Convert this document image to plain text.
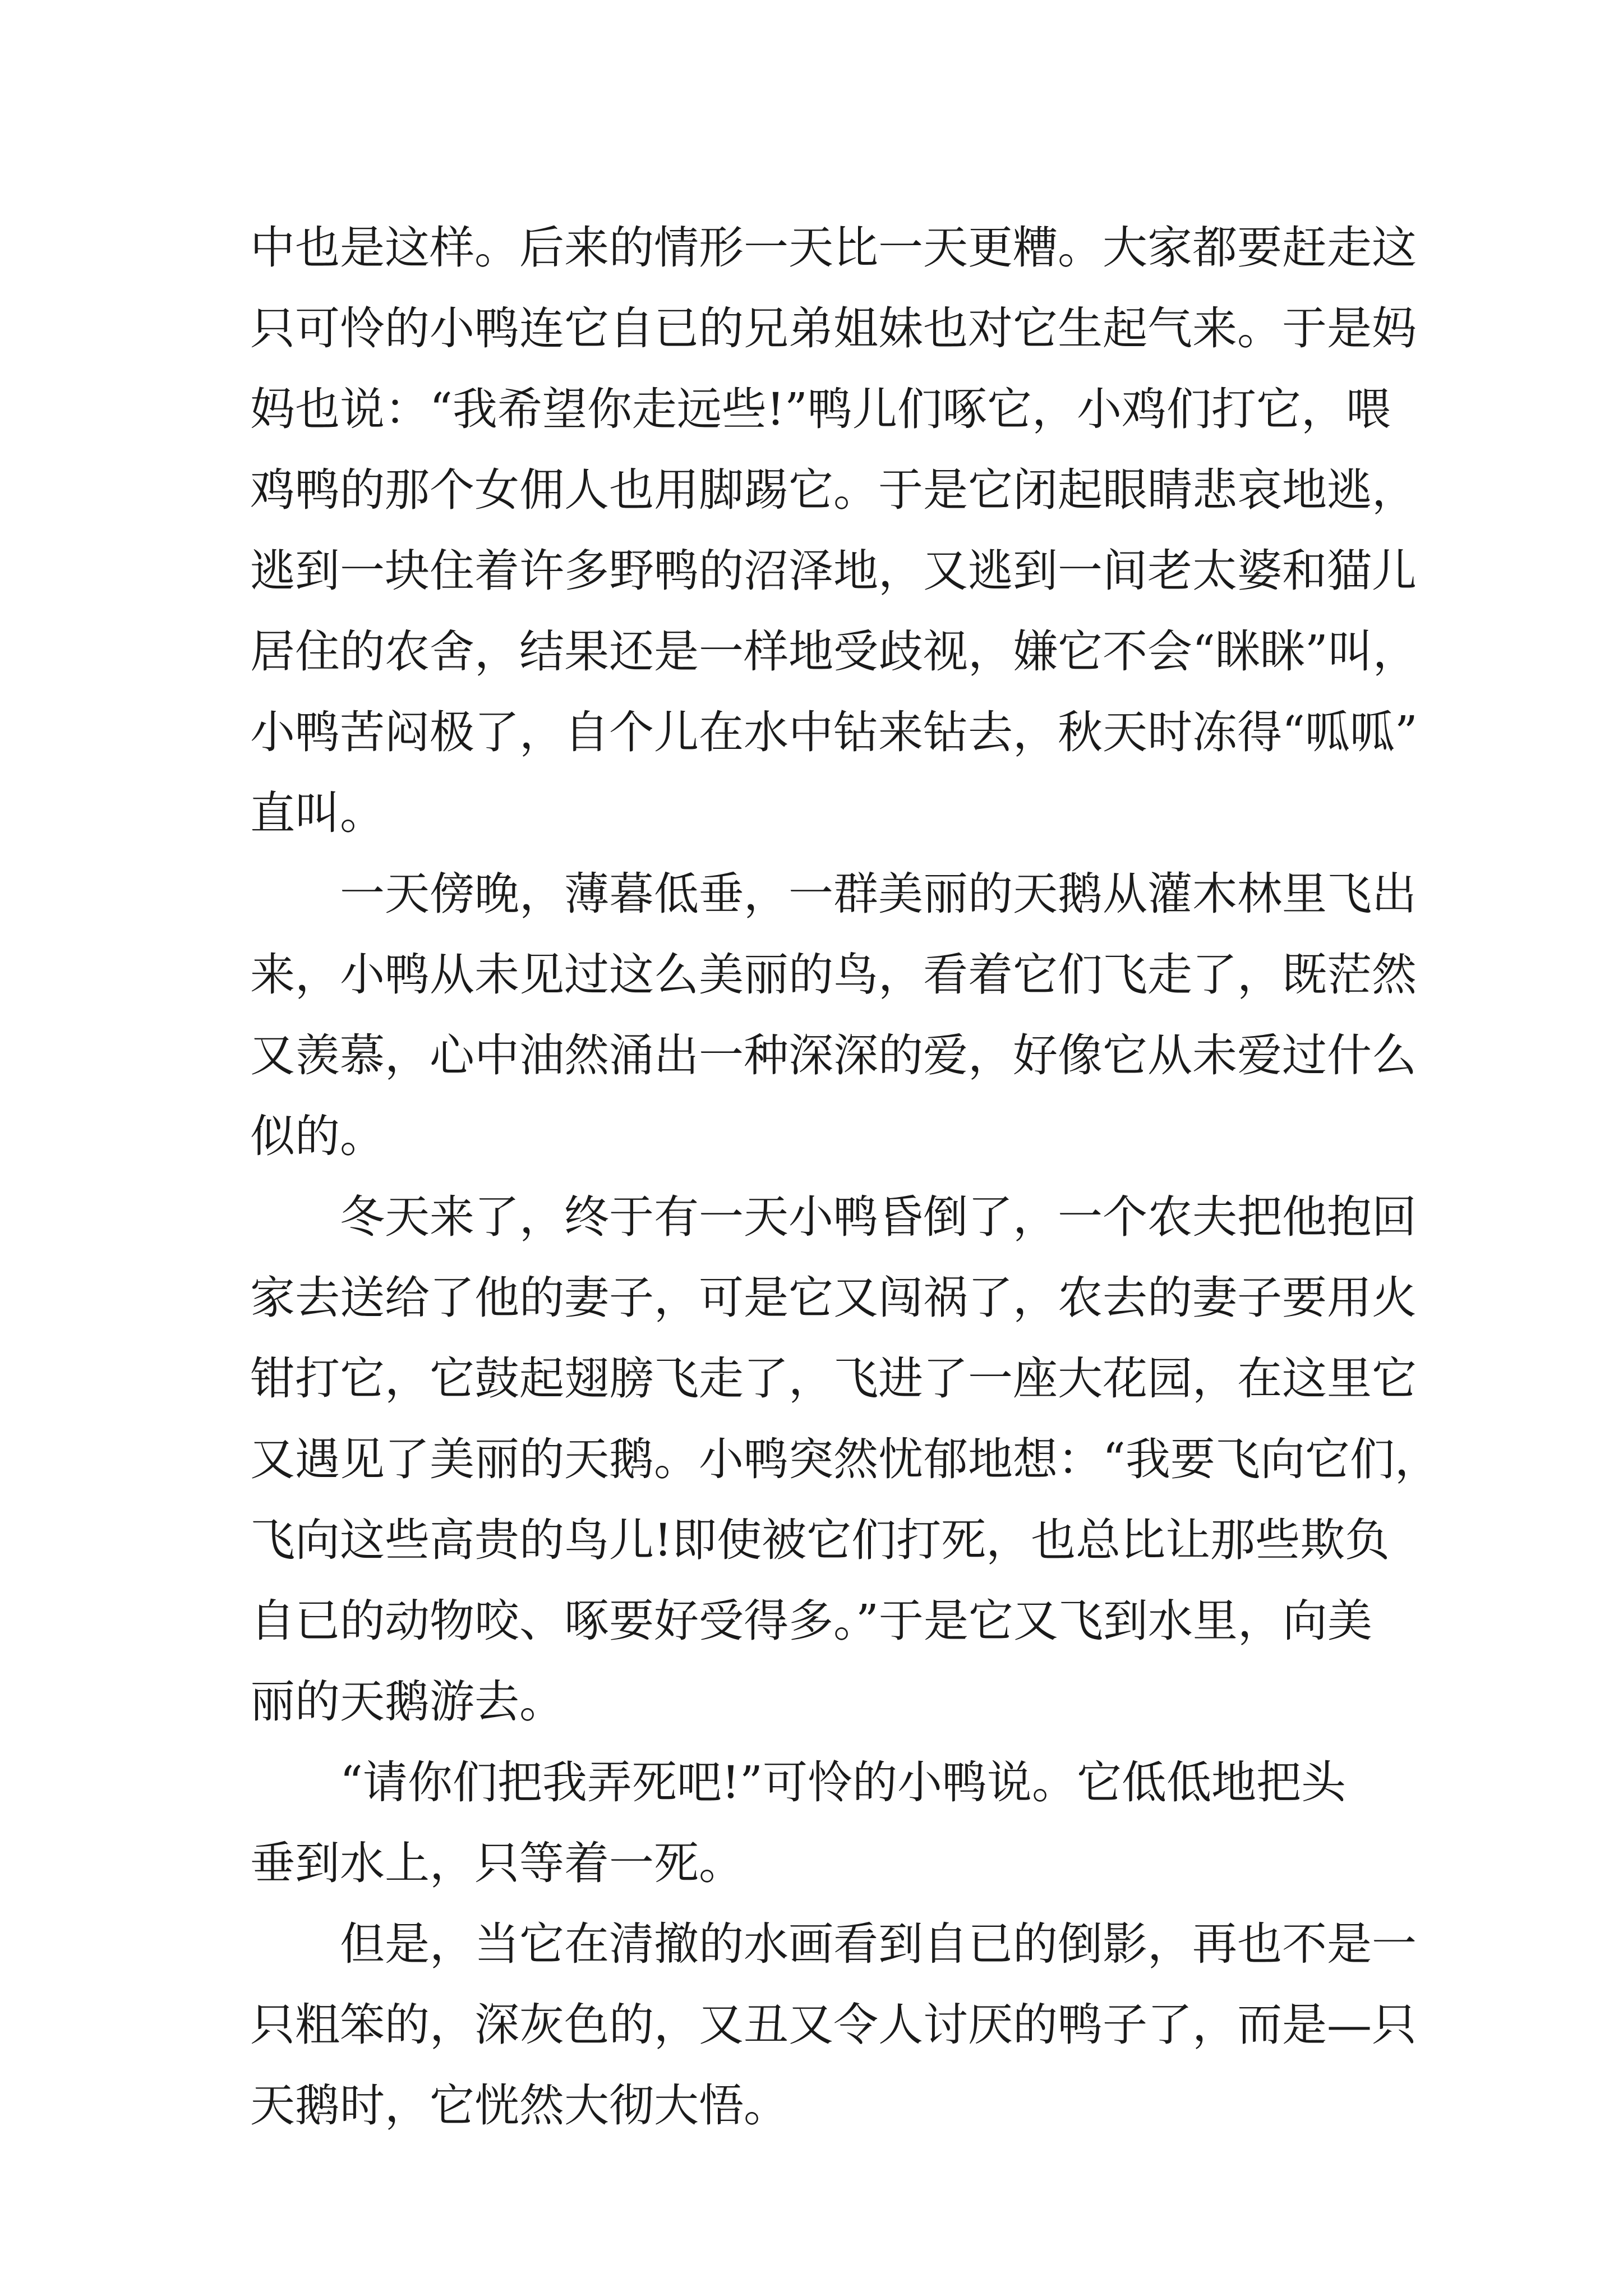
中也是这样。后来的情形一天比一天更糟。大家都要赶走这
只可怜的小鸭连它自已的兄弟姐妹也对它生起气来。于是妈
妈也说：“我希望你走远些!”鸭儿们啄它，小鸡们打它，喂
鸡鸭的那个女佣人也用脚踢它。于是它闭起眼睛悲哀地逃，
逃到一块住着许多野鸭的沼泽地，又逃到一间老太婆和猫儿
居住的农舍，结果还是一样地受歧视，嫌它不会“眯眯”叫，
小鸭苦闷极了，自个儿在水中钻来钻去，秋天时冻得“呱呱”
直叫。
　　一天傍晚，薄暮低垂，一群美丽的天鹅从灌木林里飞出
来，小鸭从未见过这么美丽的鸟，看着它们飞走了，既茫然
又羡慕，心中油然涌出一种深深的爱，好像它从未爱过什么
似的。
　　冬天来了，终于有一天小鸭昏倒了，一个农夫把他抱回
家去送给了他的妻子，可是它又闯祸了，农去的妻子要用火
钳打它，它鼓起翅膀飞走了，飞进了一座大花园，在这里它
又遇见了美丽的天鹅。小鸭突然忧郁地想：“我要飞向它们，
飞向这些高贵的鸟儿!即使被它们打死，也总比让那些欺负
自已的动物咬、啄要好受得多。”于是它又飞到水里，向美
丽的天鹅游去。
　　“请你们把我弄死吧!”可怜的小鸭说。它低低地把头
垂到水上，只等着一死。
　　但是，当它在清撤的水画看到自已的倒影，再也不是一
只粗笨的，深灰色的，又丑又令人讨厌的鸭子了，而是—只
天鹅时，它恍然大彻大悟。
